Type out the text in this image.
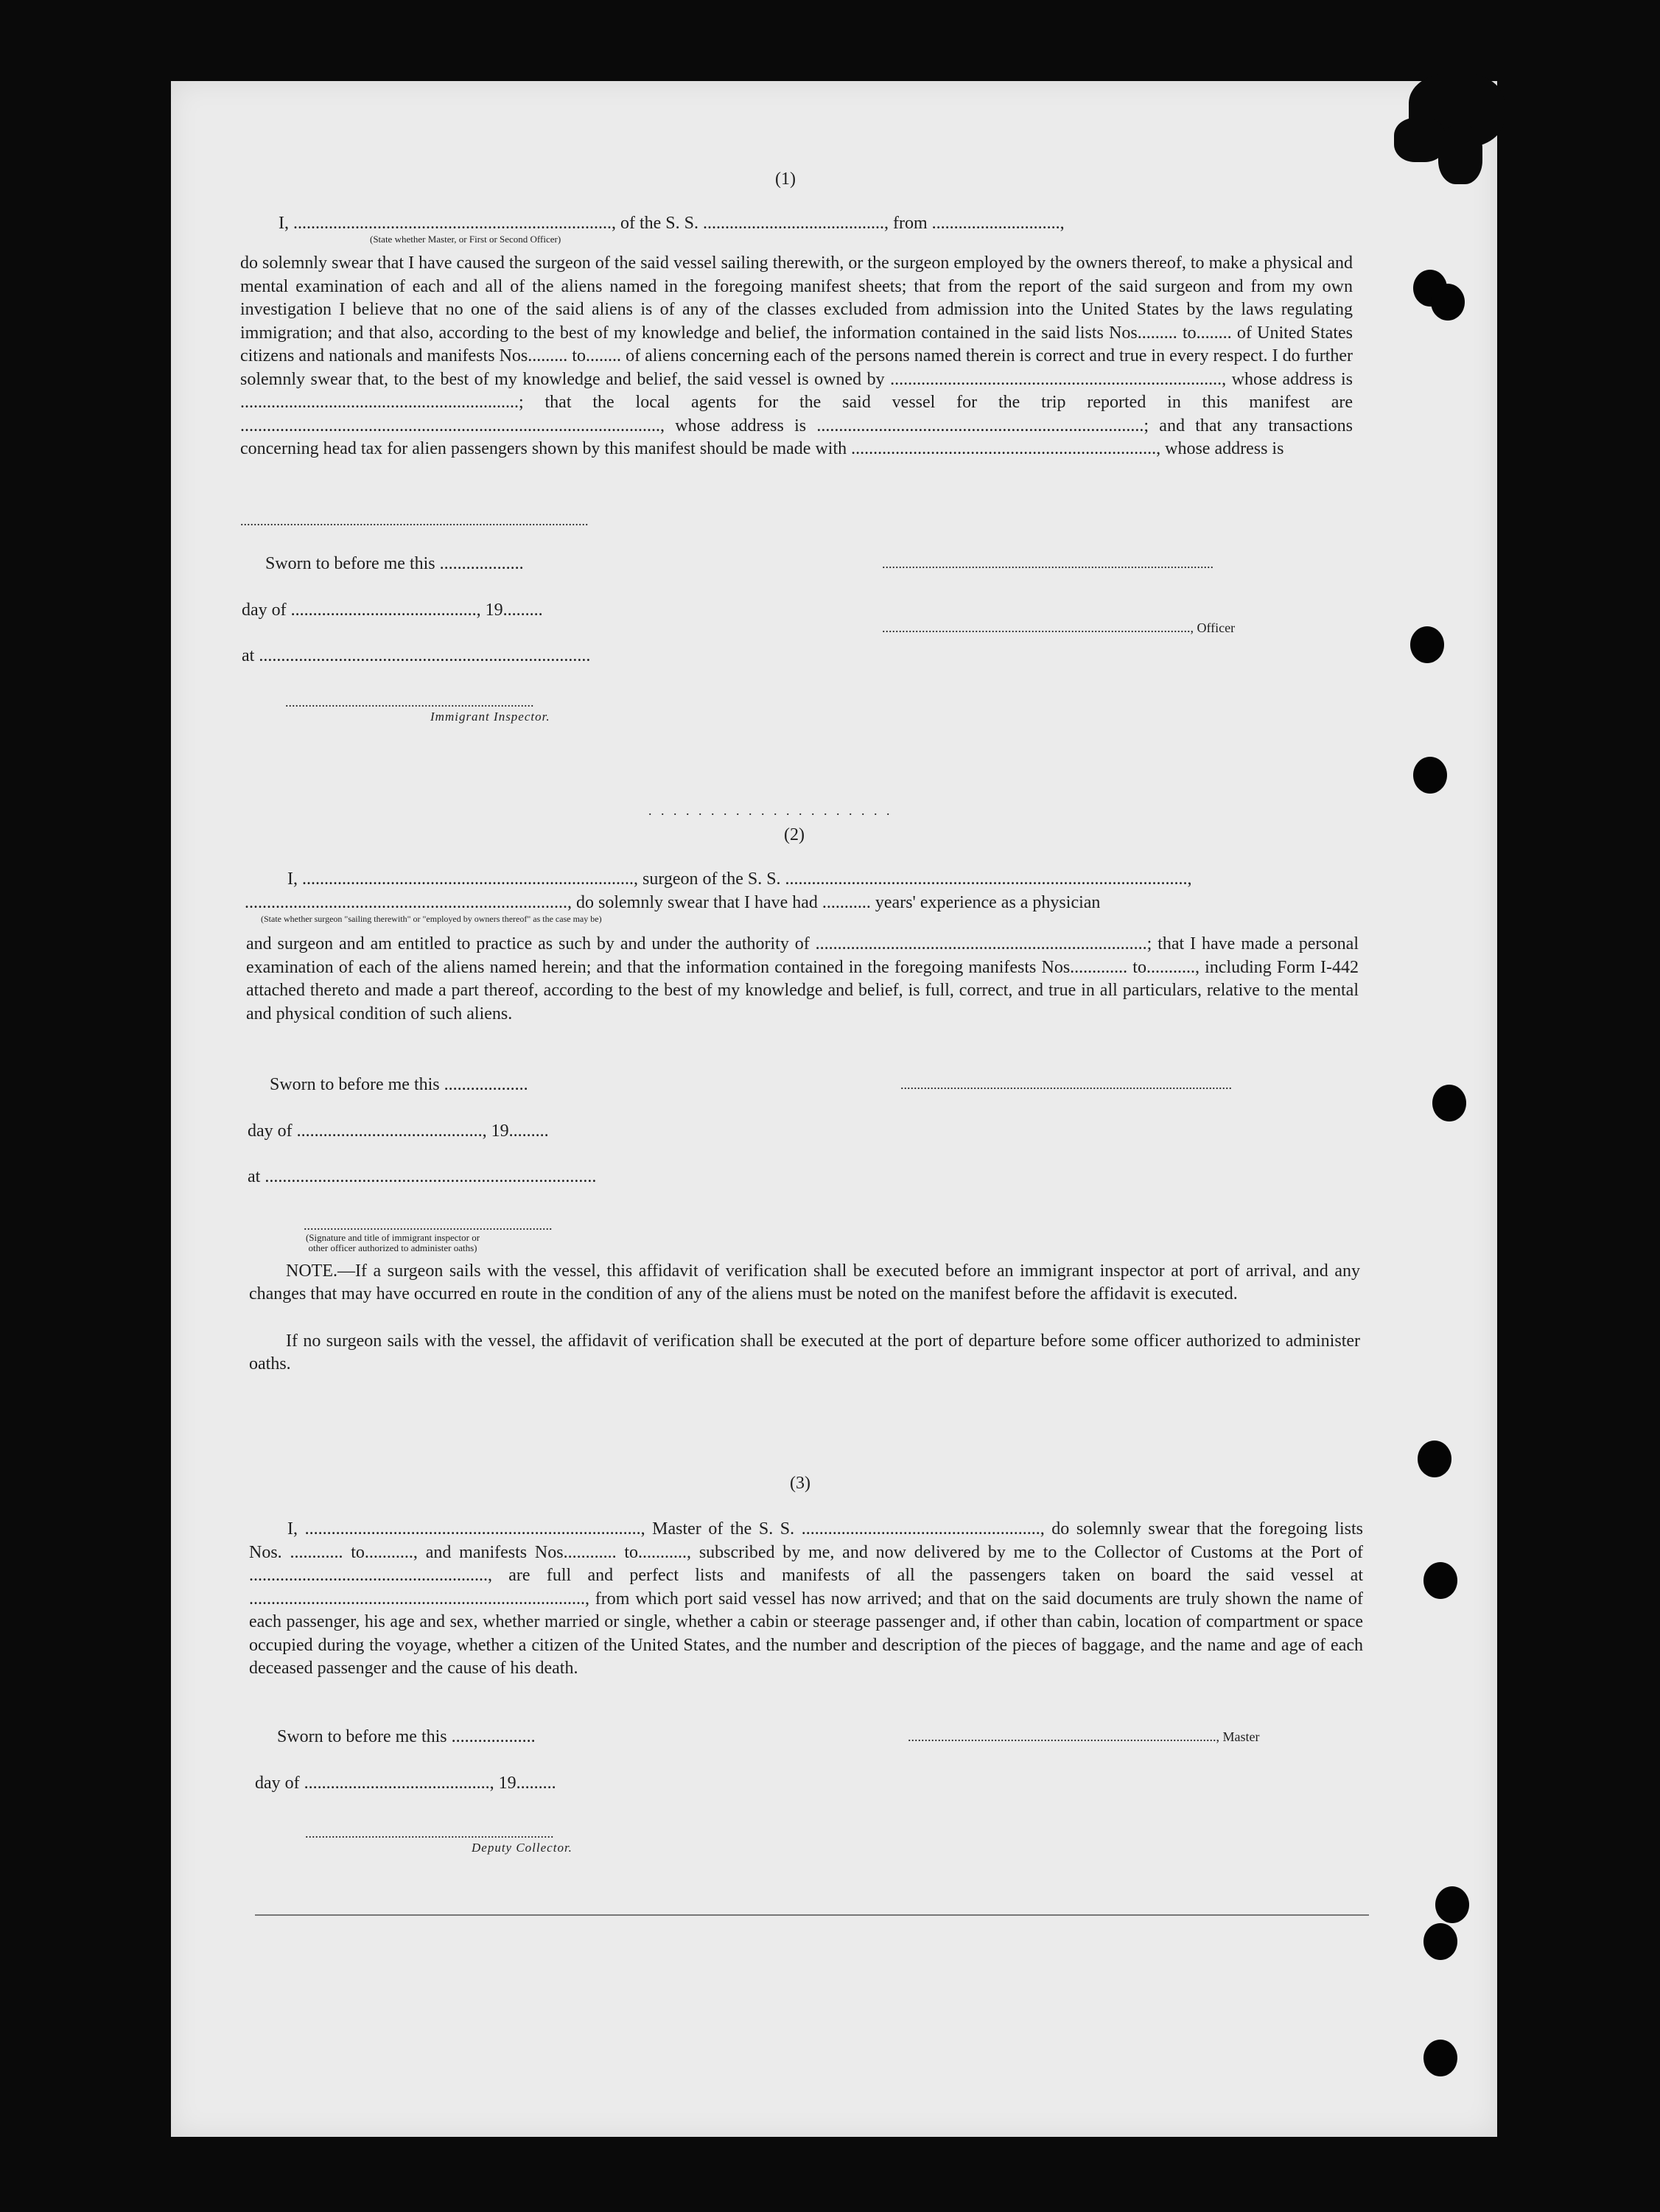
(1)
I, ........................................................................, of the S. S. ........................................., from .............................,
(State whether Master, or First or Second Officer)
do solemnly swear that I have caused the surgeon of the said vessel sailing therewith, or the surgeon employed by the owners thereof, to make a physical and mental examination of each and all of the aliens named in the foregoing manifest sheets; that from the report of the said surgeon and from my own investigation I believe that no one of the said aliens is of any of the classes excluded from admission into the United States by the laws regulating immigration; and that also, according to the best of my knowledge and belief, the information contained in the said lists Nos......... to........ of United States citizens and nationals and manifests Nos......... to........ of aliens concerning each of the persons named therein is correct and true in every respect. I do further solemnly swear that, to the best of my knowledge and belief, the said vessel is owned by ..........................................................................., whose address is ...............................................................; that the local agents for the said vessel for the trip reported in this manifest are ..............................................................................................., whose address is ..........................................................................; and that any transactions concerning head tax for alien passengers shown by this manifest should be made with ....................................................................., whose address is
.........................................................................................................
Sworn to before me this ...................	....................................................................................................
day of .........................................., 19.........
............................................................................................., Officer
at ...........................................................................
...........................................................................
Immigrant Inspector.
. . . . . . . . . . . . . . . . . . . .
(2)
I, ..........................................................................., surgeon of the S. S. ...........................................................................................,
........................................................................., do solemnly swear that I have had ........... years' experience as a physician
(State whether surgeon "sailing therewith" or "employed by owners thereof" as the case may be)
and surgeon and am entitled to practice as such by and under the authority of ...........................................................................; that I have made a personal examination of each of the aliens named herein; and that the information contained in the foregoing manifests Nos............. to..........., including Form I-442 attached thereto and made a part thereof, according to the best of my knowledge and belief, is full, correct, and true in all particulars, relative to the mental and physical condition of such aliens.
Sworn to before me this ...................	....................................................................................................
day of .........................................., 19.........
at ...........................................................................
...........................................................................
(Signature and title of immigrant inspector or
other officer authorized to administer oaths)
NOTE.—If a surgeon sails with the vessel, this affidavit of verification shall be executed before an immigrant inspector at port of arrival, and any changes that may have occurred en route in the condition of any of the aliens must be noted on the manifest before the affidavit is executed.
If no surgeon sails with the vessel, the affidavit of verification shall be executed at the port of departure before some officer authorized to administer oaths.
(3)
I, ............................................................................, Master of the S. S. ......................................................, do solemnly swear that the foregoing lists Nos. ............ to..........., and manifests Nos............ to..........., subscribed by me, and now delivered by me to the Collector of Customs at the Port of ......................................................, are full and perfect lists and manifests of all the passengers taken on board the said vessel at ............................................................................, from which port said vessel has now arrived; and that on the said documents are truly shown the name of each passenger, his age and sex, whether married or single, whether a cabin or steerage passenger and, if other than cabin, location of compartment or space occupied during the voyage, whether a citizen of the United States, and the number and description of the pieces of baggage, and the name and age of each deceased passenger and the cause of his death.
Sworn to before me this ...................	............................................................................................., Master
day of .........................................., 19.........
...........................................................................
Deputy Collector.
